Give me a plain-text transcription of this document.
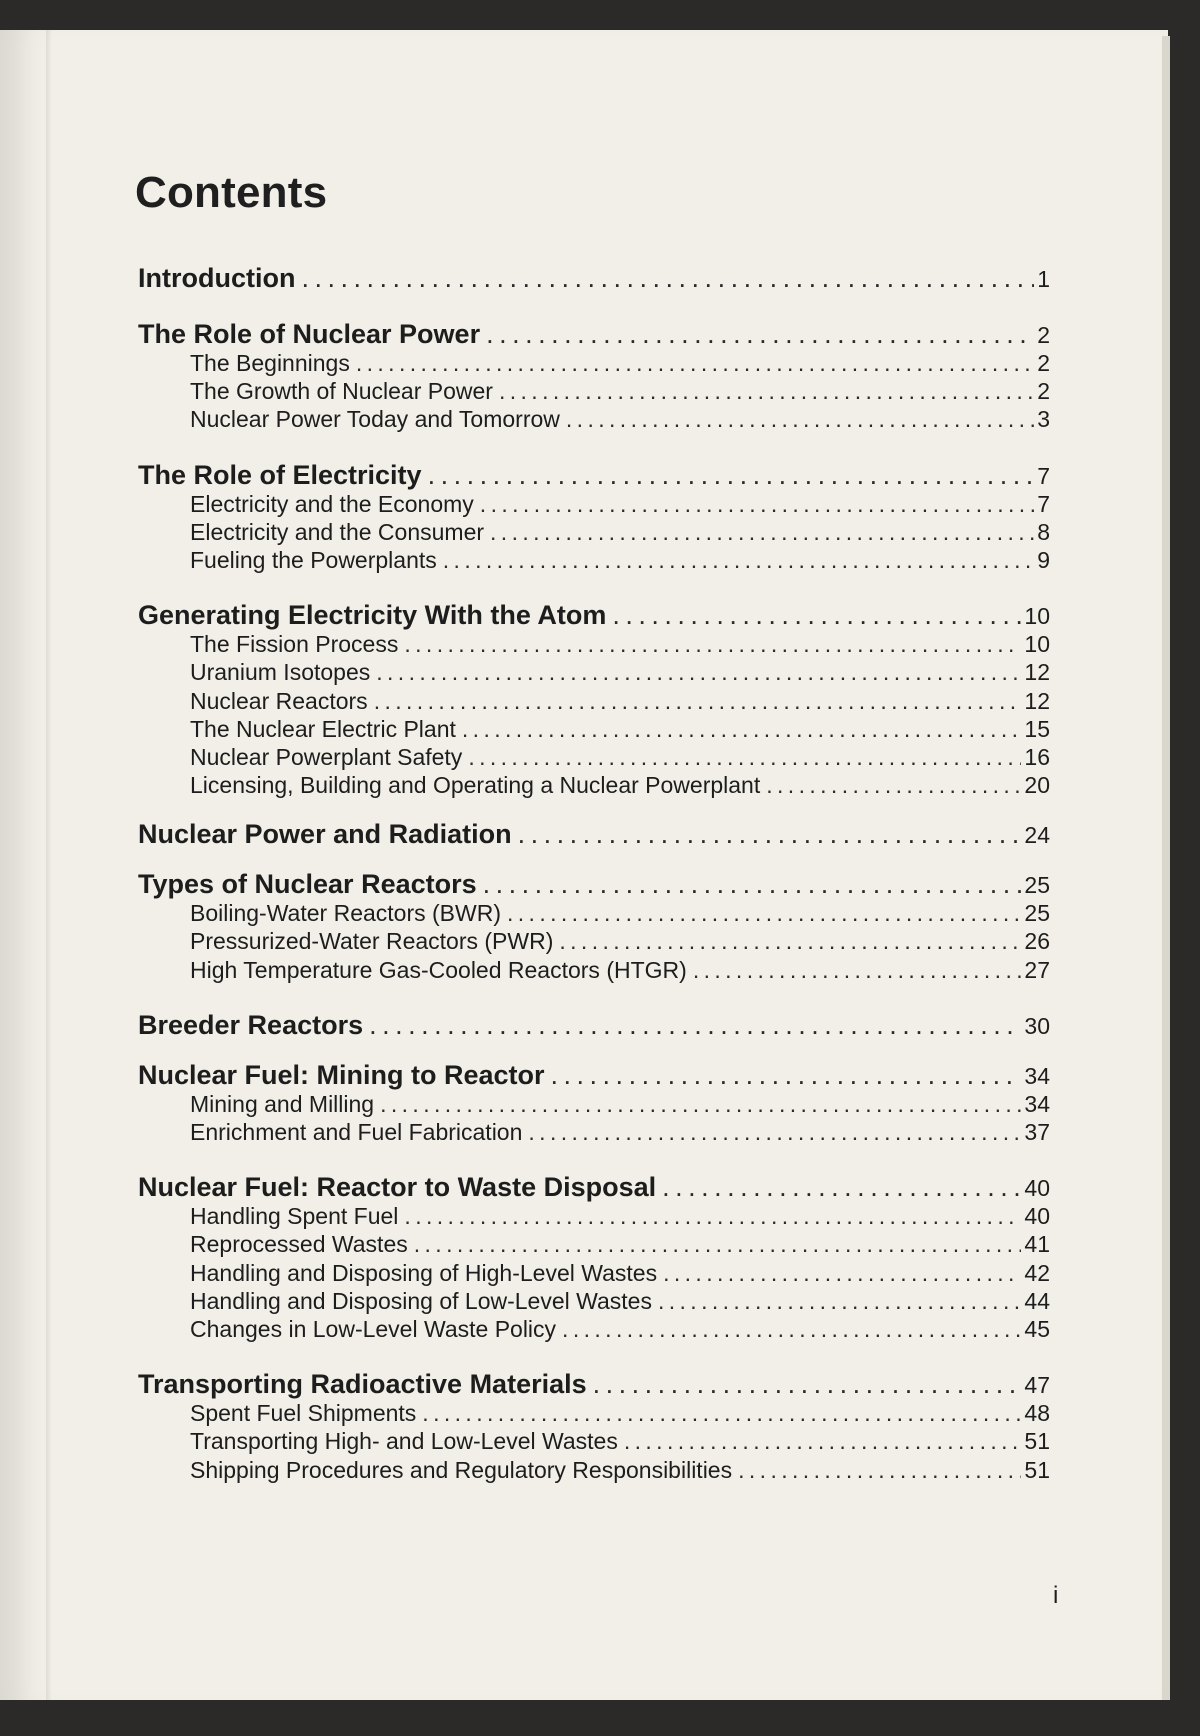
Contents
Introduction . . .	1
The Role of Nuclear Power . . .	2
The Beginnings . . .	2
The Growth of Nuclear Power . . .	2
Nuclear Power Today and Tomorrow . . .	3
The Role of Electricity . . .	7
Electricity and the Economy . . .	7
Electricity and the Consumer . . .	8
Fueling the Powerplants . . .	9
Generating Electricity With the Atom . . .	10
The Fission Process . . .	10
Uranium Isotopes . . .	12
Nuclear Reactors . . .	12
The Nuclear Electric Plant . . .	15
Nuclear Powerplant Safety . . .	16
Licensing, Building and Operating a Nuclear Powerplant . . .	20
Nuclear Power and Radiation . . .	24
Types of Nuclear Reactors . . .	25
Boiling-Water Reactors (BWR) . . .	25
Pressurized-Water Reactors (PWR) . . .	26
High Temperature Gas-Cooled Reactors (HTGR) . . .	27
Breeder Reactors . . .	30
Nuclear Fuel: Mining to Reactor . . .	34
Mining and Milling . . .	34
Enrichment and Fuel Fabrication . . .	37
Nuclear Fuel: Reactor to Waste Disposal . . .	40
Handling Spent Fuel . . .	40
Reprocessed Wastes . . .	41
Handling and Disposing of High-Level Wastes . . .	42
Handling and Disposing of Low-Level Wastes . . .	44
Changes in Low-Level Waste Policy . . .	45
Transporting Radioactive Materials . . .	47
Spent Fuel Shipments . . .	48
Transporting High- and Low-Level Wastes . . .	51
Shipping Procedures and Regulatory Responsibilities . . .	51
i
